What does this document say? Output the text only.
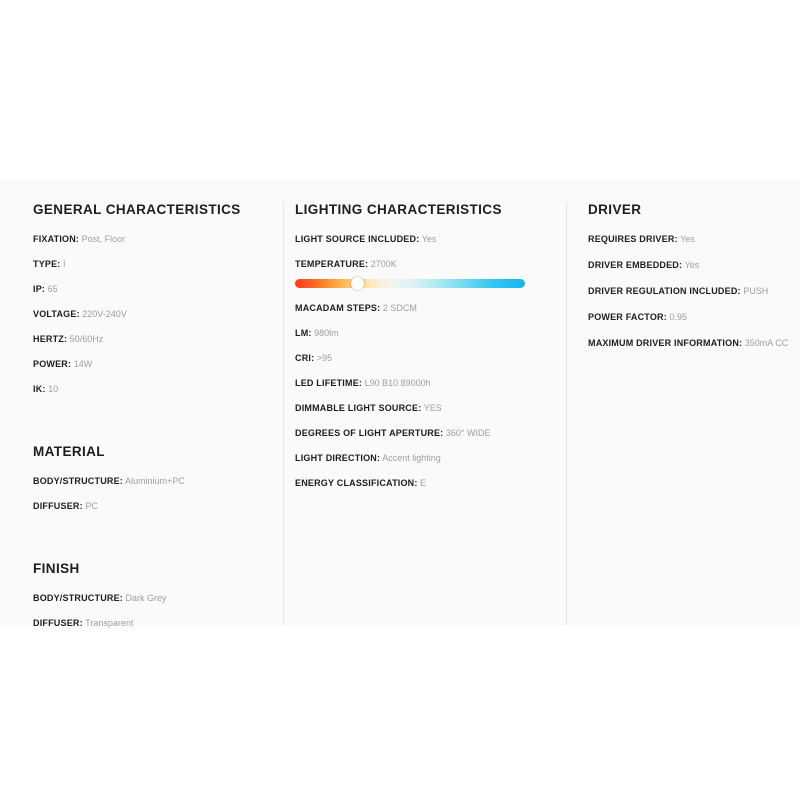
GENERAL CHARACTERISTICS
FIXATION: Post, Floor
TYPE: I
IP: 65
VOLTAGE: 220V-240V
HERTZ: 50/60Hz
POWER: 14W
IK: 10
MATERIAL
BODY/STRUCTURE: Aluminium+PC
DIFFUSER: PC
FINISH
BODY/STRUCTURE: Dark Grey
DIFFUSER: Transparent
LIGHTING CHARACTERISTICS
LIGHT SOURCE INCLUDED: Yes
TEMPERATURE: 2700K
MACADAM STEPS: 2 SDCM
LM: 980lm
CRI: >95
LED LIFETIME: L90 B10 89000h
DIMMABLE LIGHT SOURCE: YES
DEGREES OF LIGHT APERTURE: 360° WIDE
LIGHT DIRECTION: Accent lighting
ENERGY CLASSIFICATION: E
DRIVER
REQUIRES DRIVER: Yes
DRIVER EMBEDDED: Yes
DRIVER REGULATION INCLUDED: PUSH
POWER FACTOR: 0.95
MAXIMUM DRIVER INFORMATION: 350mA CC
